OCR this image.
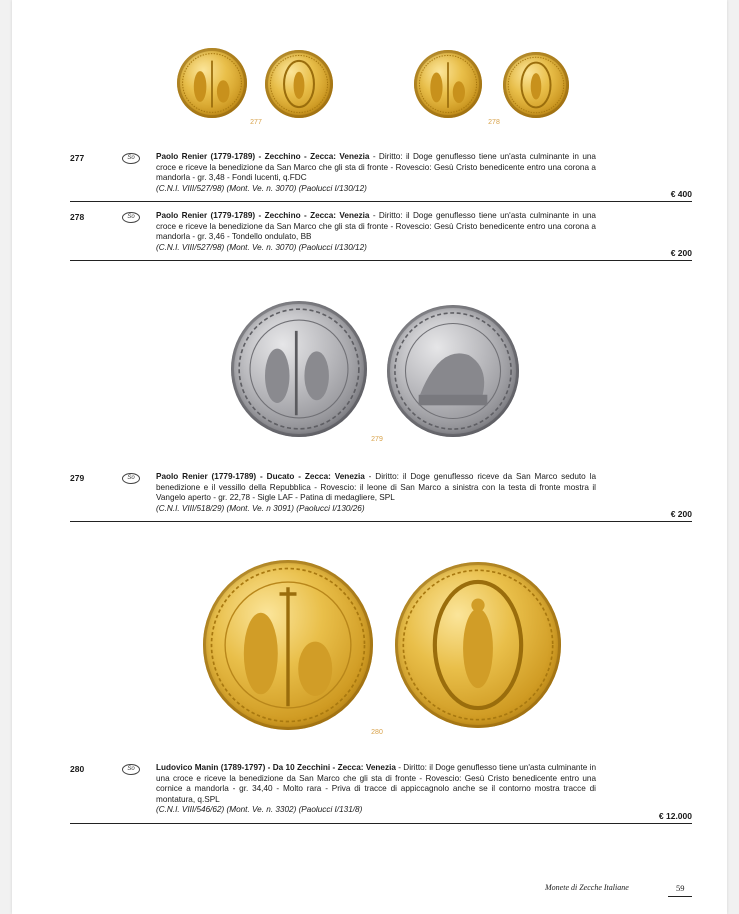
277	278
277	So	Paolo Renier (1779-1789) - Zecchino - Zecca: Venezia - Diritto: il Doge genuflesso tiene un'asta culminante in una croce e riceve la benedizione da San Marco che gli sta di fronte - Rovescio: Gesù Cristo benedicente entro una corona a mandorla - gr. 3,48 - Fondi lucenti, q.FDC
(C.N.I. VIII/527/98) (Mont. Ve. n. 3070) (Paolucci I/130/12)
€ 400
278	So	Paolo Renier (1779-1789) - Zecchino - Zecca: Venezia - Diritto: il Doge genuflesso tiene un'asta culminante in una croce e riceve la benedizione da San Marco che gli sta di fronte - Rovescio: Gesù Cristo benedicente entro una corona a mandorla - gr. 3,46 - Tondello ondulato, BB
(C.N.I. VIII/527/98) (Mont. Ve. n. 3070) (Paolucci I/130/12)
€ 200
279
279	So	Paolo Renier (1779-1789) - Ducato - Zecca: Venezia - Diritto: il Doge genuflesso riceve da San Marco seduto la benedizione e il vessillo della Repubblica - Rovescio: il leone di San Marco a sinistra con la testa di fronte mostra il Vangelo aperto - gr. 22,78 - Sigle LAF - Patina di medagliere, SPL
(C.N.I. VIII/518/29) (Mont. Ve. n 3091) (Paolucci I/130/26)
€ 200
280
280	So	Ludovico Manin (1789-1797) - Da 10 Zecchini - Zecca: Venezia - Diritto: il Doge genuflesso tiene un'asta culminante in una croce e riceve la benedizione da San Marco che gli sta di fronte - Rovescio: Gesù Cristo benedicente entro una cornice a mandorla - gr. 34,40 - Molto rara - Priva di tracce di appiccagnolo anche se il contorno mostra tracce di montatura, q.SPL
(C.N.I. VIII/546/62) (Mont. Ve. n. 3302) (Paolucci I/131/8)
€ 12.000
Monete di Zecche Italiane	59
